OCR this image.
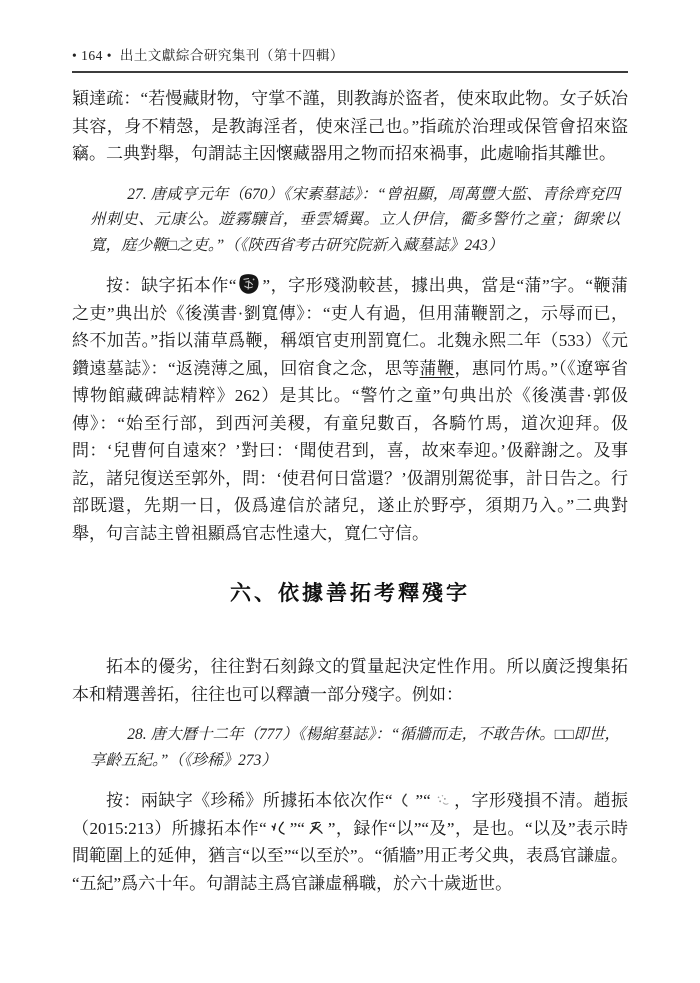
• 164 • 出土文獻綜合研究集刊（第十四輯）

穎達疏：“若慢藏財物，守掌不謹，則教誨於盜者，使來取此物。女子妖冶其容，身不精愨，是教誨淫者，使來淫己也。”指疏於治理或保管會招來盜竊。二典對舉，句謂誌主因懷藏器用之物而招來禍事，此處喻指其離世。

27. 唐咸亨元年（670）《宋素墓誌》：“曾祖顯，周萬豐大監、青徐齊兗四州刺史、元康公。遊霧驤首，垂雲矯翼。立人伊信，衢多警竹之童；御衆以寬，庭少鞭□之吏。”（《陝西省考古研究院新入藏墓誌》243）

按：缺字拓本作“ ”，字形殘泐較甚，據出典，當是“蒲”字。“鞭蒲之吏”典出於《後漢書·劉寬傳》：“吏人有過，但用蒲鞭罰之，示辱而已，終不加苦。”指以蒲草爲鞭，稱頌官吏刑罰寬仁。北魏永熙二年（533）《元鑽遠墓誌》：“返澆薄之風，回宿食之念，思等蒲鞭，惠同竹馬。”（《遼寧省博物館藏碑誌精粹》262）是其比。“警竹之童”句典出於《後漢書·郭伋傳》：“始至行部，到西河美稷，有童兒數百，各騎竹馬，道次迎拜。伋問：‘兒曹何自遠來？’對曰：‘聞使君到，喜，故來奉迎。’伋辭謝之。及事訖，諸兒復送至郭外，問：‘使君何日當還？’伋謂別駕從事，計日告之。行部既還，先期一日，伋爲違信於諸兒，遂止於野亭，須期乃入。”二典對舉，句言誌主曾祖顯爲官志性遠大，寬仁守信。

六、依據善拓考釋殘字

拓本的優劣，往往對石刻錄文的質量起決定性作用。所以廣泛搜集拓本和精選善拓，往往也可以釋讀一部分殘字。例如：

28. 唐大曆十二年（777）《楊綰墓誌》：“循牆而走，不敢告休。□□即世，享齡五紀。”（《珍稀》273）

按：兩缺字《珍稀》所據拓本依次作“ ”“ ，字形殘損不清。趙振（2015:213）所據拓本作“ ”“ ”，録作“以”“及”，是也。“以及”表示時間範圍上的延伸，猶言“以至”“以至於”。“循牆”用正考父典，表爲官謙虛。“五紀”爲六十年。句謂誌主爲官謙虛稱職，於六十歲逝世。
